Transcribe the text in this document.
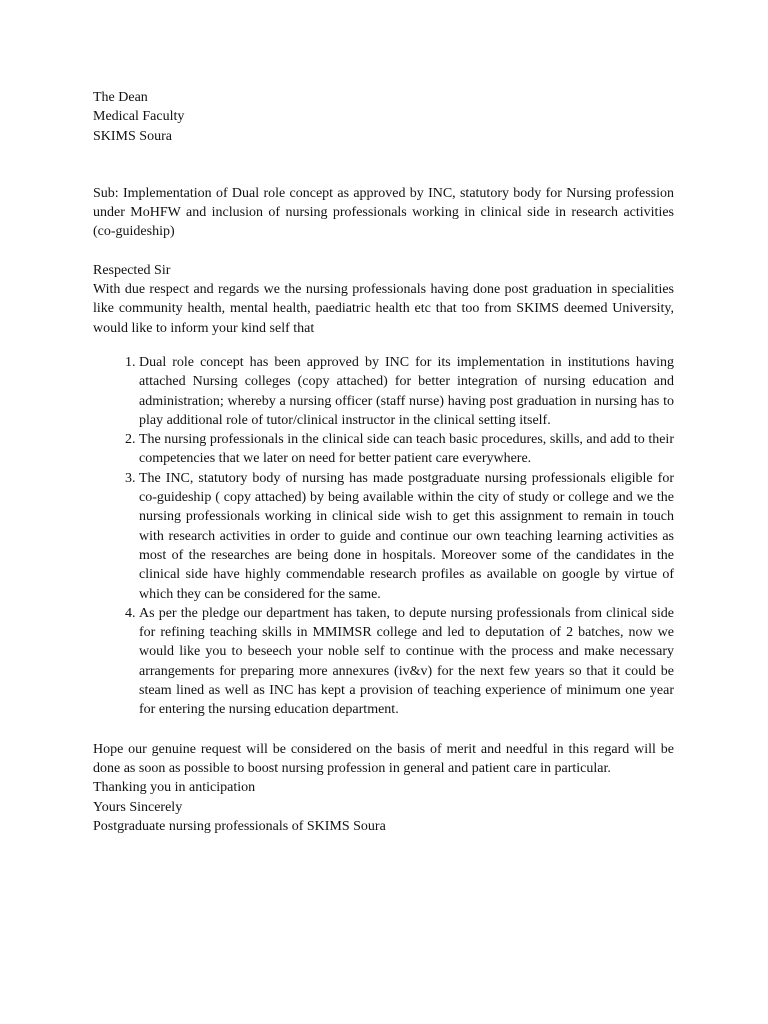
The Dean
Medical Faculty
SKIMS Soura

Sub: Implementation of Dual role concept as approved by INC, statutory body for Nursing profession under MoHFW and inclusion of nursing professionals working in clinical side in research activities (co-guideship)

Respected Sir

With due respect and regards we the nursing professionals having done post graduation in specialities like community health, mental health, paediatric health etc that too from SKIMS deemed University, would like to inform your kind self that

1. Dual role concept has been approved by INC for its implementation in institutions having attached Nursing colleges (copy attached) for better integration of nursing education and administration; whereby a nursing officer (staff nurse) having post graduation in nursing has to play additional role of tutor/clinical instructor in the clinical setting itself.
2. The nursing professionals in the clinical side can teach basic procedures, skills, and add to their competencies that we later on need for better patient care everywhere.
3. The INC, statutory body of nursing has made postgraduate nursing professionals eligible for co-guideship ( copy attached) by being available within the city of study or college and we the nursing professionals working in clinical side wish to get this assignment to remain in touch with research activities in order to guide and continue our own teaching learning activities as most of the researches are being done in hospitals. Moreover some of the candidates in the clinical side have highly commendable research profiles as available on google by virtue of which they can be considered for the same.
4. As per the pledge our department has taken, to depute nursing professionals from clinical side for refining teaching skills in MMIMSR college and led to deputation of 2 batches, now we would like you to beseech your noble self to continue with the process and make necessary arrangements for preparing more annexures (iv&v) for the next few years so that it could be steam lined as well as INC has kept a provision of teaching experience of minimum one year for entering the nursing education department.

Hope our genuine request will be considered on the basis of merit and needful in this regard will be done as soon as possible to boost nursing profession in general and patient care in particular.

Thanking you in anticipation
Yours Sincerely
Postgraduate nursing professionals of SKIMS Soura
